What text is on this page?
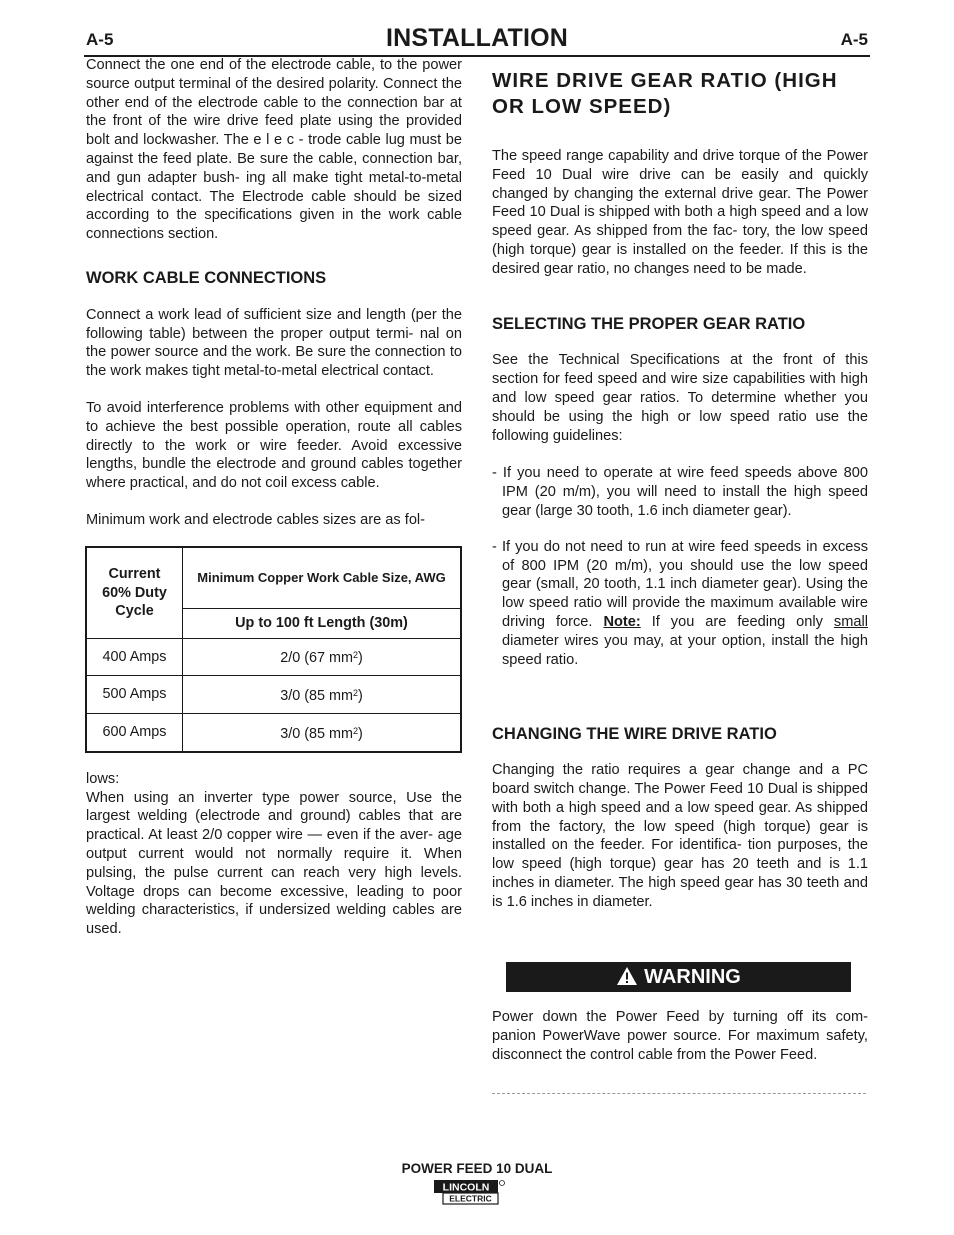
A-5	INSTALLATION	A-5

Connect the one end of the electrode cable, to the power source output terminal of the desired polarity. Connect the other end of the electrode cable to the connection bar at the front of the wire drive feed plate using the provided bolt and lockwasher. The e l e c - trode cable lug must be against the feed plate. Be sure the cable, connection bar, and gun adapter bush- ing all make tight metal-to-metal electrical contact. The Electrode cable should be sized according to the specifications given in the work cable connections section.

WORK CABLE CONNECTIONS

Connect a work lead of sufficient size and length (per the following table) between the proper output termi- nal on the power source and the work. Be sure the connection to the work makes tight metal-to-metal electrical contact.

To avoid interference problems with other equipment and to achieve the best possible operation, route all cables directly to the work or wire feeder. Avoid excessive lengths, bundle the electrode and ground cables together where practical, and do not coil excess cable.

Minimum work and electrode cables sizes are as fol-

Current 60% Duty Cycle	Minimum Copper Work Cable Size, AWG
	Up to 100 ft Length (30m)
400 Amps	2/0 (67 $mm^2$)
500 Amps	3/0 (85 $mm^2$)
600 Amps	3/0 (85 $mm^2$)

lows:

When using an inverter type power source, Use the largest welding (electrode and ground) cables that are practical. At least 2/0 copper wire — even if the aver- age output current would not normally require it. When pulsing, the pulse current can reach very high levels. Voltage drops can become excessive, leading to poor welding characteristics, if undersized welding cables are used.

WIRE DRIVE GEAR RATIO (HIGH OR LOW SPEED)

The speed range capability and drive torque of the Power Feed 10 Dual wire drive can be easily and quickly changed by changing the external drive gear. The Power Feed 10 Dual is shipped with both a high speed and a low speed gear. As shipped from the fac- tory, the low speed (high torque) gear is installed on the feeder. If this is the desired gear ratio, no changes need to be made.

SELECTING THE PROPER GEAR RATIO

See the Technical Specifications at the front of this section for feed speed and wire size capabilities with high and low speed gear ratios. To determine whether you should be using the high or low speed ratio use the following guidelines:

- If you need to operate at wire feed speeds above 800 IPM (20 m/m), you will need to install the high speed gear (large 30 tooth, 1.6 inch diameter gear).

- If you do not need to run at wire feed speeds in excess of 800 IPM (20 m/m), you should use the low speed gear (small, 20 tooth, 1.1 inch diameter gear). Using the low speed ratio will provide the maximum available wire driving force. Note: If you are feeding only small diameter wires you may, at your option, install the high speed ratio.

CHANGING THE WIRE DRIVE RATIO

Changing the ratio requires a gear change and a PC board switch change. The Power Feed 10 Dual is shipped with both a high speed and a low speed gear. As shipped from the factory, the low speed (high torque) gear is installed on the feeder. For identifica- tion purposes, the low speed (high torque) gear has 20 teeth and is 1.1 inches in diameter. The high speed gear has 30 teeth and is 1.6 inches in diameter.

WARNING

Power down the Power Feed by turning off its com- panion PowerWave power source. For maximum safety, disconnect the control cable from the Power Feed.

POWER FEED 10 DUAL
LINCOLN
ELECTRIC
